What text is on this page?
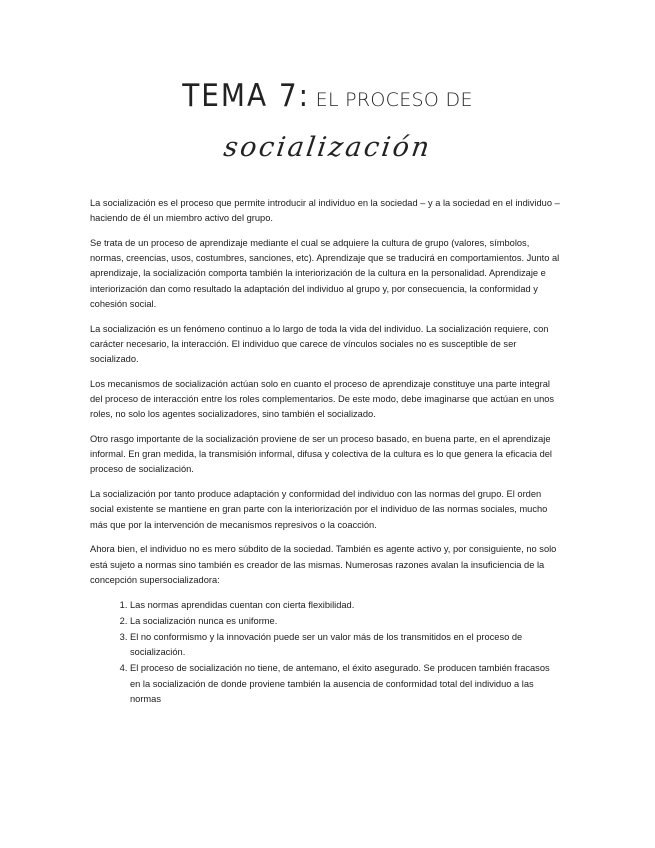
TEMA 7: EL PROCESO DE
socialización

La socialización es el proceso que permite introducir al individuo en la sociedad – y a la sociedad en el individuo – haciendo de él un miembro activo del grupo.

Se trata de un proceso de aprendizaje mediante el cual se adquiere la cultura de grupo (valores, símbolos, normas, creencias, usos, costumbres, sanciones, etc). Aprendizaje que se traducirá en comportamientos. Junto al aprendizaje, la socialización comporta también la interiorización de la cultura en la personalidad. Aprendizaje e interiorización dan como resultado la adaptación del individuo al grupo y, por consecuencia, la conformidad y cohesión social.

La socialización es un fenómeno continuo a lo largo de toda la vida del individuo. La socialización requiere, con carácter necesario, la interacción. El individuo que carece de vínculos sociales no es susceptible de ser socializado.

Los mecanismos de socialización actúan solo en cuanto el proceso de aprendizaje constituye una parte integral del proceso de interacción entre los roles complementarios. De este modo, debe imaginarse que actúan en unos roles, no solo los agentes socializadores, sino también el socializado.

Otro rasgo importante de la socialización proviene de ser un proceso basado, en buena parte, en el aprendizaje informal. En gran medida, la transmisión informal, difusa y colectiva de la cultura es lo que genera la eficacia del proceso de socialización.

La socialización por tanto produce adaptación y conformidad del individuo con las normas del grupo. El orden social existente se mantiene en gran parte con la interiorización por el individuo de las normas sociales, mucho más que por la intervención de mecanismos represivos o la coacción.

Ahora bien, el individuo no es mero súbdito de la sociedad. También es agente activo y, por consiguiente, no solo está sujeto a normas sino también es creador de las mismas. Numerosas razones avalan la insuficiencia de la concepción supersocializadora:

1. Las normas aprendidas cuentan con cierta flexibilidad.
2. La socialización nunca es uniforme.
3. El no conformismo y la innovación puede ser un valor más de los transmitidos en el proceso de socialización.
4. El proceso de socialización no tiene, de antemano, el éxito asegurado. Se producen también fracasos en la socialización de donde proviene también la ausencia de conformidad total del individuo a las normas
